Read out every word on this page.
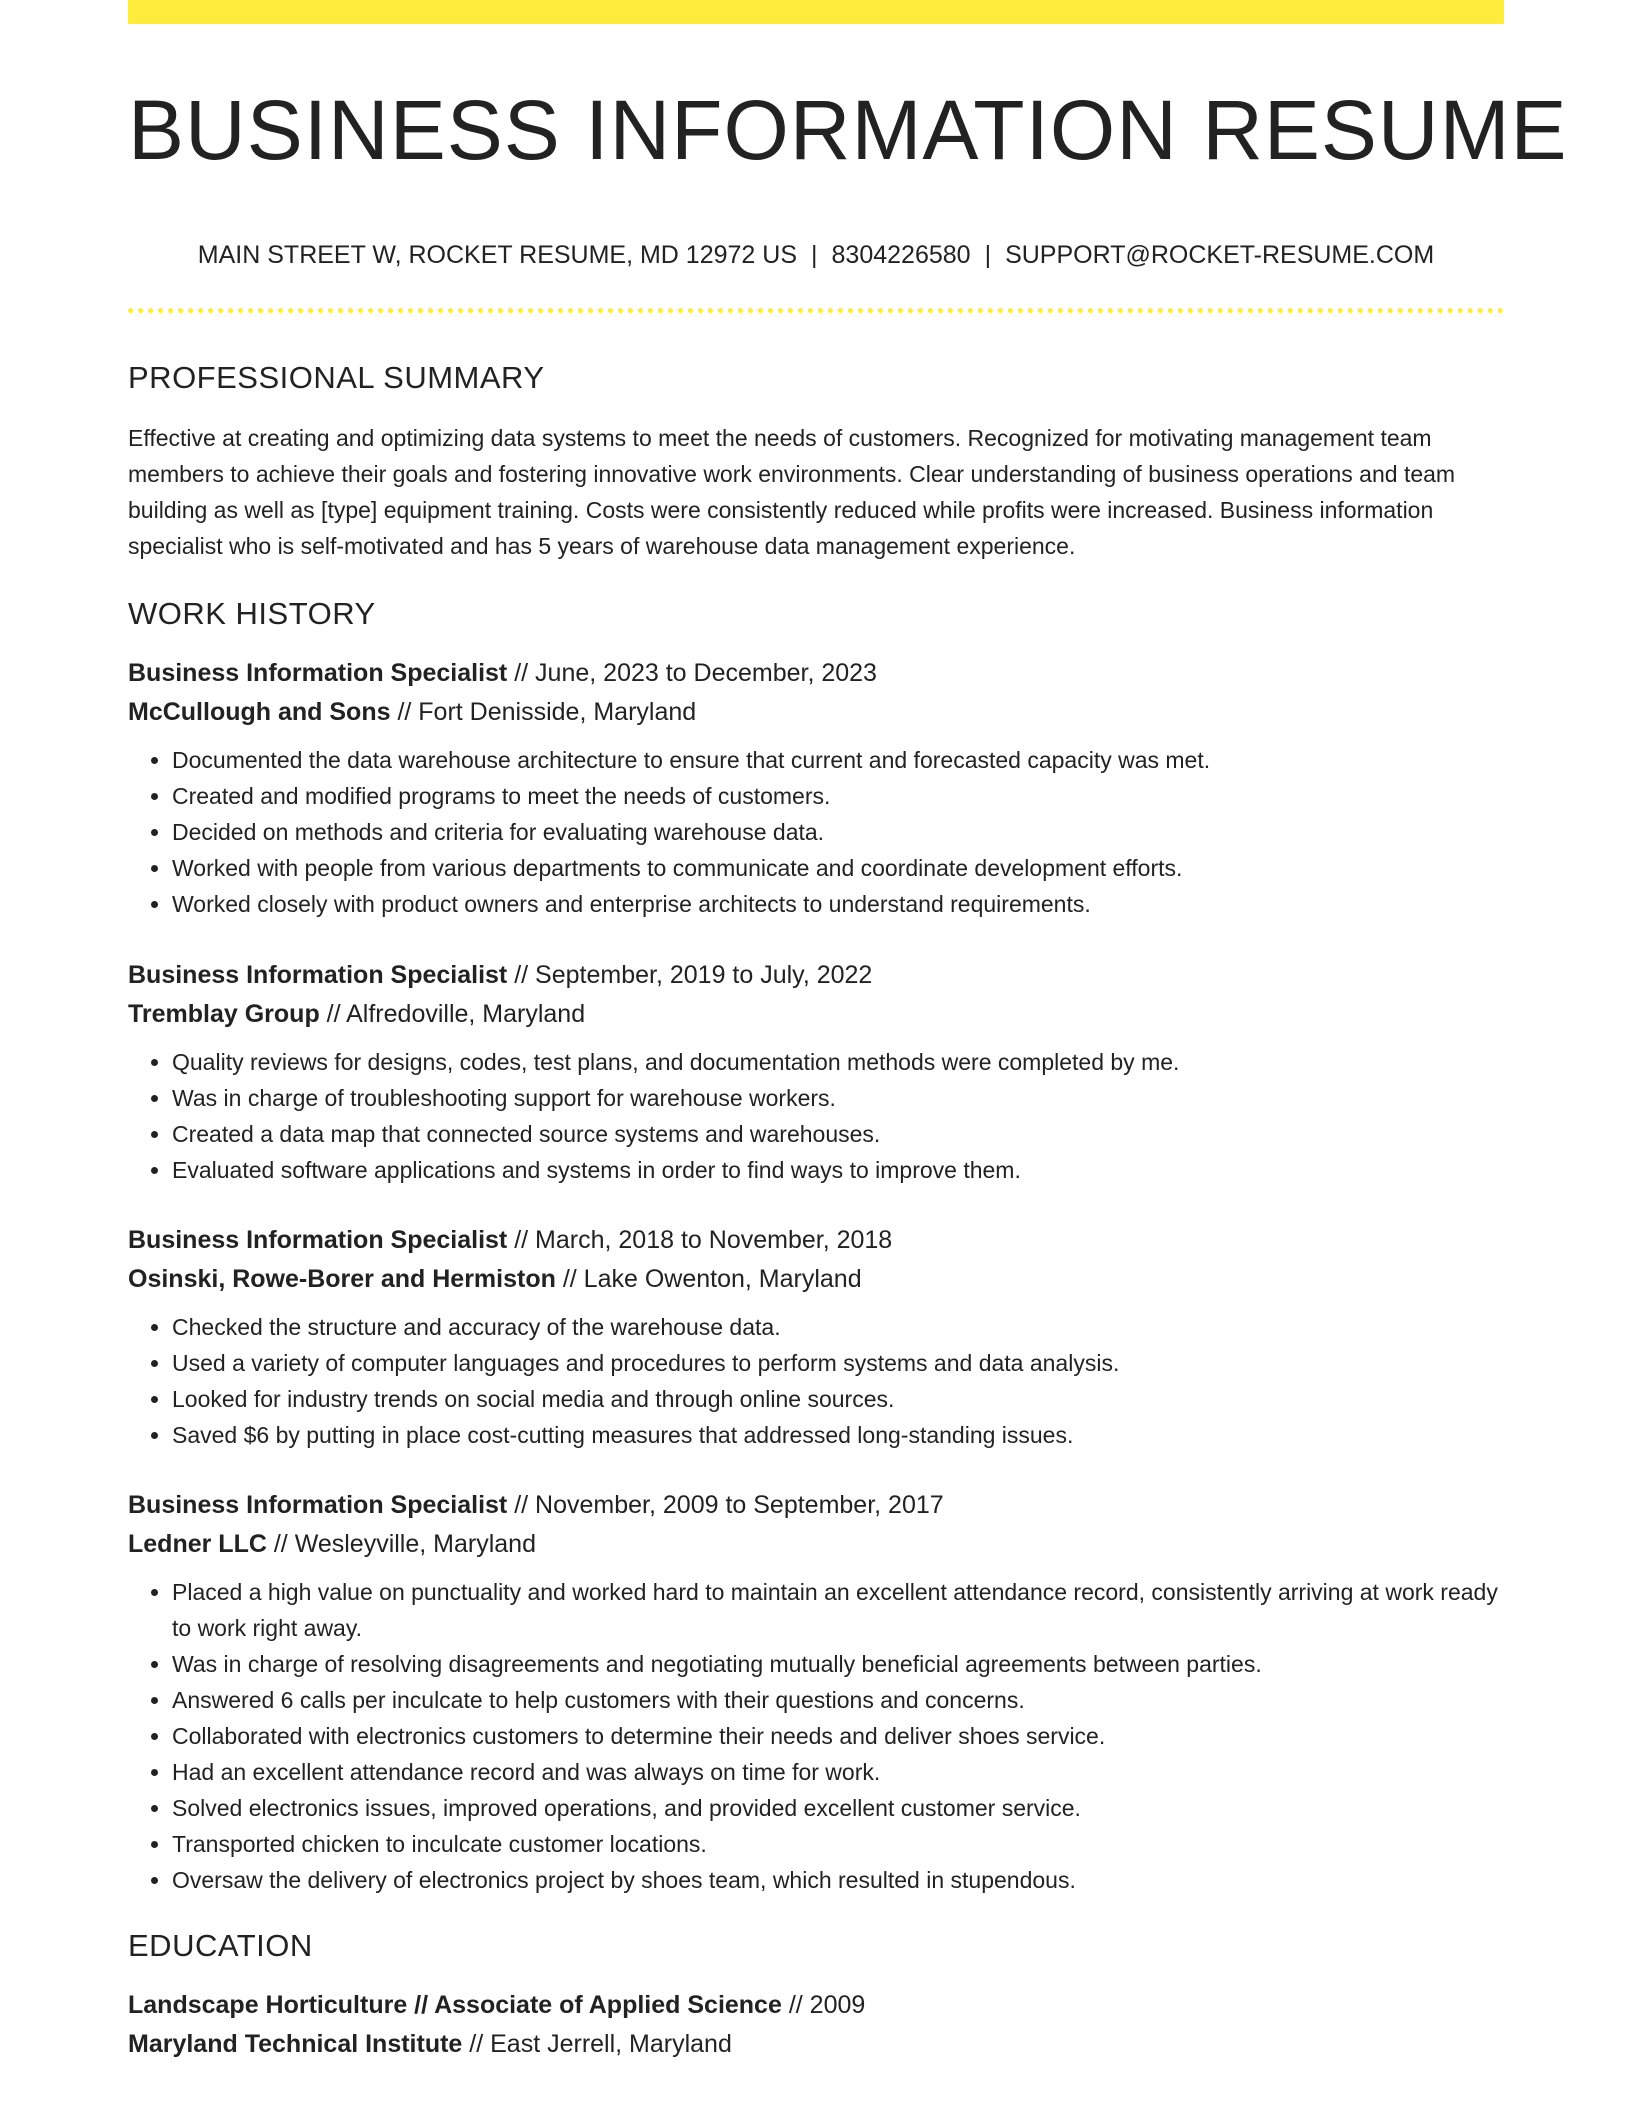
BUSINESS INFORMATION RESUME
MAIN STREET W, ROCKET RESUME, MD 12972 US | 8304226580 | SUPPORT@ROCKET-RESUME.COM
PROFESSIONAL SUMMARY

Effective at creating and optimizing data systems to meet the needs of customers. Recognized for motivating management team members to achieve their goals and fostering innovative work environments. Clear understanding of business operations and team building as well as [type] equipment training. Costs were consistently reduced while profits were increased. Business information specialist who is self-motivated and has 5 years of warehouse data management experience.

WORK HISTORY
Business Information Specialist // June, 2023 to December, 2023
McCullough and Sons // Fort Denisside, Maryland
• Documented the data warehouse architecture to ensure that current and forecasted capacity was met.
• Created and modified programs to meet the needs of customers.
• Decided on methods and criteria for evaluating warehouse data.
• Worked with people from various departments to communicate and coordinate development efforts.
• Worked closely with product owners and enterprise architects to understand requirements.
Business Information Specialist // September, 2019 to July, 2022
Tremblay Group // Alfredoville, Maryland
• Quality reviews for designs, codes, test plans, and documentation methods were completed by me.
• Was in charge of troubleshooting support for warehouse workers.
• Created a data map that connected source systems and warehouses.
• Evaluated software applications and systems in order to find ways to improve them.
Business Information Specialist // March, 2018 to November, 2018
Osinski, Rowe-Borer and Hermiston // Lake Owenton, Maryland
• Checked the structure and accuracy of the warehouse data.
• Used a variety of computer languages and procedures to perform systems and data analysis.
• Looked for industry trends on social media and through online sources.
• Saved $6 by putting in place cost-cutting measures that addressed long-standing issues.
Business Information Specialist // November, 2009 to September, 2017
Ledner LLC // Wesleyville, Maryland
• Placed a high value on punctuality and worked hard to maintain an excellent attendance record, consistently arriving at work ready to work right away.
• Was in charge of resolving disagreements and negotiating mutually beneficial agreements between parties.
• Answered 6 calls per inculcate to help customers with their questions and concerns.
• Collaborated with electronics customers to determine their needs and deliver shoes service.
• Had an excellent attendance record and was always on time for work.
• Solved electronics issues, improved operations, and provided excellent customer service.
• Transported chicken to inculcate customer locations.
• Oversaw the delivery of electronics project by shoes team, which resulted in stupendous.
EDUCATION
Landscape Horticulture // Associate of Applied Science // 2009
Maryland Technical Institute // East Jerrell, Maryland
